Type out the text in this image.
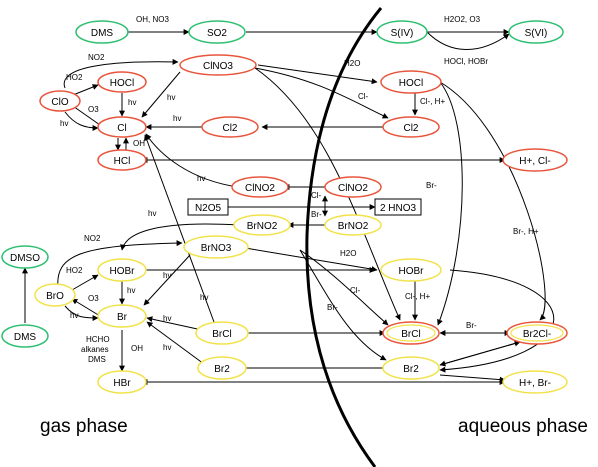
DMS	SO2	S(IV)	S(VI)
ClNO3
HOCl
ClO
Cl	Cl2
HCl
HOCl
Cl2
H+, Cl-
ClNO2	ClNO2
N2O5	2 HNO3
BrNO2	BrNO2
DMSO
DMS
BrNO3
BrO
HOBr
Br
HBr
BrCl
Br2
HOBr
BrCl	Br2Cl-
Br2
H+, Br-
OH, NO3	H2O2, O3
HOCl, HOBr
NO2
HO2
O3
hv
hv
hv
hv
OH
H2O
Cl-
Cl-, H+
hv
Br-
Br-, H+
Cl-
Br-
hv
NO2
HO2
O3
hv
hv
hv
hv
hv
hv
HCHO
alkanes
DMS
OH
H2O
Cl-
Cl-, H+
Br-
Br-
gas phase	aqueous phase
